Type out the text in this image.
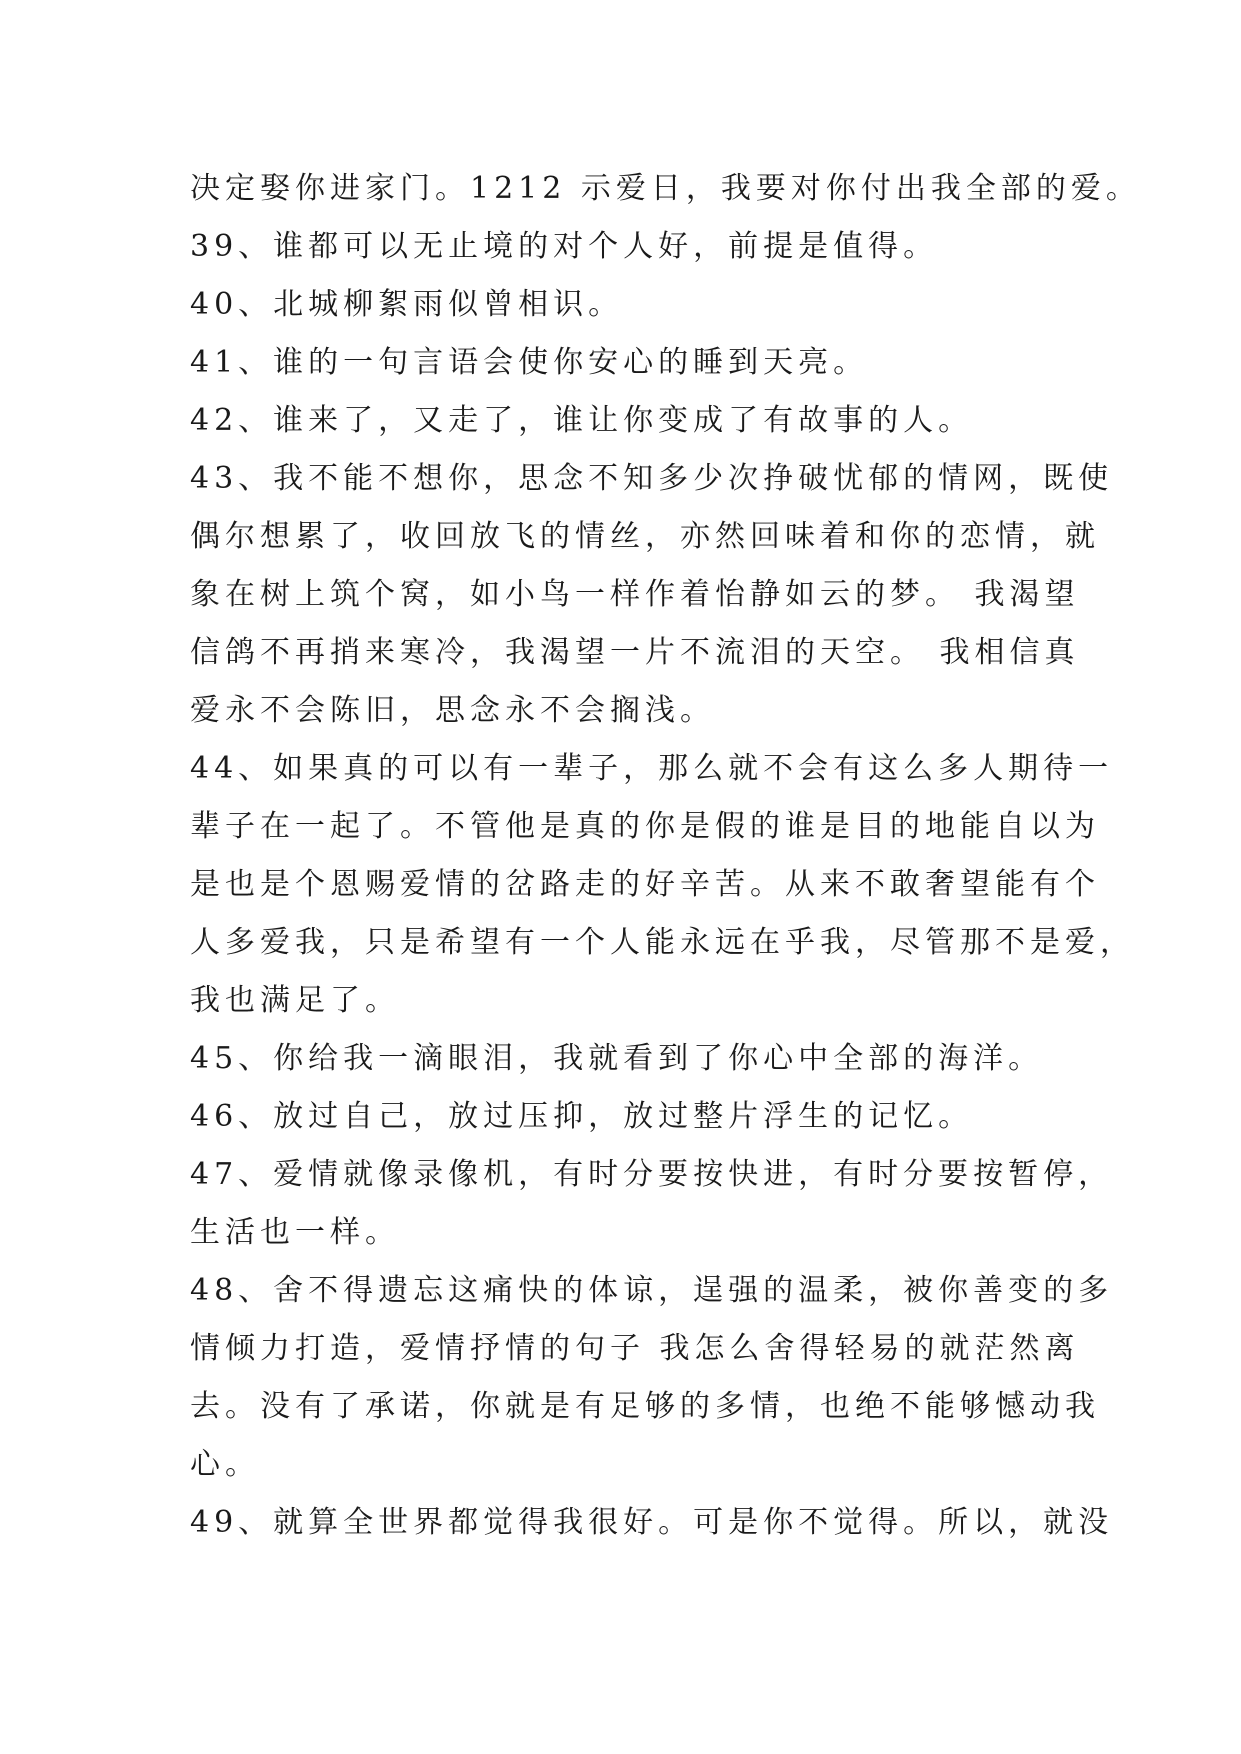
决定娶你进家门。1212 示爱日，我要对你付出我全部的爱。
39、谁都可以无止境的对个人好，前提是值得。
40、北城柳絮雨似曾相识。
41、谁的一句言语会使你安心的睡到天亮。
42、谁来了，又走了，谁让你变成了有故事的人。
43、我不能不想你，思念不知多少次挣破忧郁的情网，既使
偶尔想累了，收回放飞的情丝，亦然回味着和你的恋情，就
象在树上筑个窝，如小鸟一样作着怡静如云的梦。 我渴望
信鸽不再捎来寒冷，我渴望一片不流泪的天空。 我相信真
爱永不会陈旧，思念永不会搁浅。
44、如果真的可以有一辈子，那么就不会有这么多人期待一
辈子在一起了。不管他是真的你是假的谁是目的地能自以为
是也是个恩赐爱情的岔路走的好辛苦。从来不敢奢望能有个
人多爱我，只是希望有一个人能永远在乎我，尽管那不是爱，
我也满足了。
45、你给我一滴眼泪，我就看到了你心中全部的海洋。
46、放过自己，放过压抑，放过整片浮生的记忆。
47、爱情就像录像机，有时分要按快进，有时分要按暂停，
生活也一样。
48、舍不得遗忘这痛快的体谅，逞强的温柔，被你善变的多
情倾力打造，爱情抒情的句子 我怎么舍得轻易的就茫然离
去。没有了承诺，你就是有足够的多情，也绝不能够憾动我
心。
49、就算全世界都觉得我很好。可是你不觉得。所以，就没
